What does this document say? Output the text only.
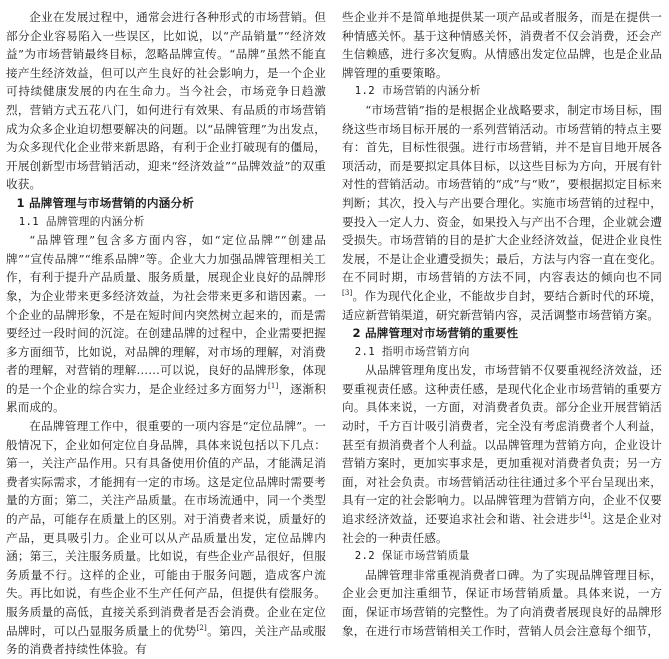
企业在发展过程中，通常会进行各种形式的市场营销。但部分企业容易陷入一些误区，比如说，以“产品销量”“经济效益”为市场营销最终目标，忽略品牌宣传。“品牌”虽然不能直接产生经济效益，但可以产生良好的社会影响力，是一个企业可持续健康发展的内在生命力。当今社会，市场竞争日趋激烈，营销方式五花八门，如何进行有效果、有品质的市场营销成为众多企业迫切想要解决的问题。以“品牌管理”为出发点，为众多现代化企业带来新思路，有利于企业打破现有的僵局，开展创新型市场营销活动，迎来“经济效益”“品牌效益”的双重收获。

1 品牌管理与市场营销的内涵分析
1.1 品牌管理的内涵分析

“品牌管理”包含多方面内容，如“定位品牌”“创建品牌”“宣传品牌”“维系品牌”等。企业大力加强品牌管理相关工作，有利于提升产品质量、服务质量，展现企业良好的品牌形象，为企业带来更多经济效益，为社会带来更多和谐因素。一个企业的品牌形象，不是在短时间内突然树立起来的，而是需要经过一段时间的沉淀。在创建品牌的过程中，企业需要把握多方面细节，比如说，对品牌的理解，对市场的理解，对消费者的理解，对营销的理解……可以说，良好的品牌形象，体现的是一个企业的综合实力，是企业经过多方面努力[1]，逐渐积累而成的。

在品牌管理工作中，很重要的一项内容是“定位品牌”。一般情况下，企业如何定位自身品牌，具体来说包括以下几点：第一，关注产品作用。只有具备使用价值的产品，才能满足消费者实际需求，才能拥有一定的市场。这是定位品牌时需要考量的方面；第二，关注产品质量。在市场流通中，同一个类型的产品，可能存在质量上的区别。对于消费者来说，质量好的产品，更具吸引力。企业可以从产品质量出发，定位品牌内涵；第三，关注服务质量。比如说，有些企业产品很好，但服务质量不行。这样的企业，可能由于服务问题，造成客户流失。再比如说，有些企业不生产任何产品，但提供有偿服务。服务质量的高低，直接关系到消费者是否会消费。企业在定位品牌时，可以凸显服务质量上的优势[2]。第四，关注产品或服务的消费者持续性体验。有

些企业并不是简单地提供某一项产品或者服务，而是在提供一种情感关怀。基于这种情感关怀，消费者不仅会消费，还会产生信赖感，进行多次复购。从情感出发定位品牌，也是企业品牌管理的重要策略。

1.2 市场营销的内涵分析

“市场营销”指的是根据企业战略要求，制定市场目标，围绕这些市场目标开展的一系列营销活动。市场营销的特点主要有：首先，目标性很强。进行市场营销，并不是盲目地开展各项活动，而是要拟定具体目标，以这些目标为方向，开展有针对性的营销活动。市场营销的“成”与“败”，要根据拟定目标来判断；其次，投入与产出要合理化。实施市场营销的过程中，要投入一定人力、资金，如果投入与产出不合理，企业就会遭受损失。市场营销的目的是扩大企业经济效益，促进企业良性发展，不是让企业遭受损失；最后，方法与内容一直在变化。在不同时期，市场营销的方法不同，内容表达的倾向也不同[3]。作为现代化企业，不能故步自封，要结合新时代的环境，适应新营销渠道，研究新营销内容，灵活调整市场营销方案。

2 品牌管理对市场营销的重要性
2.1 指明市场营销方向

从品牌管理角度出发，市场营销不仅要重视经济效益，还要重视责任感。这种责任感，是现代化企业市场营销的重要方向。具体来说，一方面，对消费者负责。部分企业开展营销活动时，千方百计吸引消费者，完全没有考虑消费者个人利益，甚至有损消费者个人利益。以品牌管理为营销方向，企业设计营销方案时，更加实事求是，更加重视对消费者负责；另一方面，对社会负责。市场营销活动往往通过多个平台呈现出来，具有一定的社会影响力。以品牌管理为营销方向，企业不仅要追求经济效益，还要追求社会和谐、社会进步[4]。这是企业对社会的一种责任感。

2.2 保证市场营销质量

品牌管理非常重视消费者口碑。为了实现品牌管理目标，企业会更加注重细节，保证市场营销质量。具体来说，一方面，保证市场营销的完整性。为了向消费者展现良好的品牌形象，在进行市场营销相关工作时，营销人员会注意每个细节，
